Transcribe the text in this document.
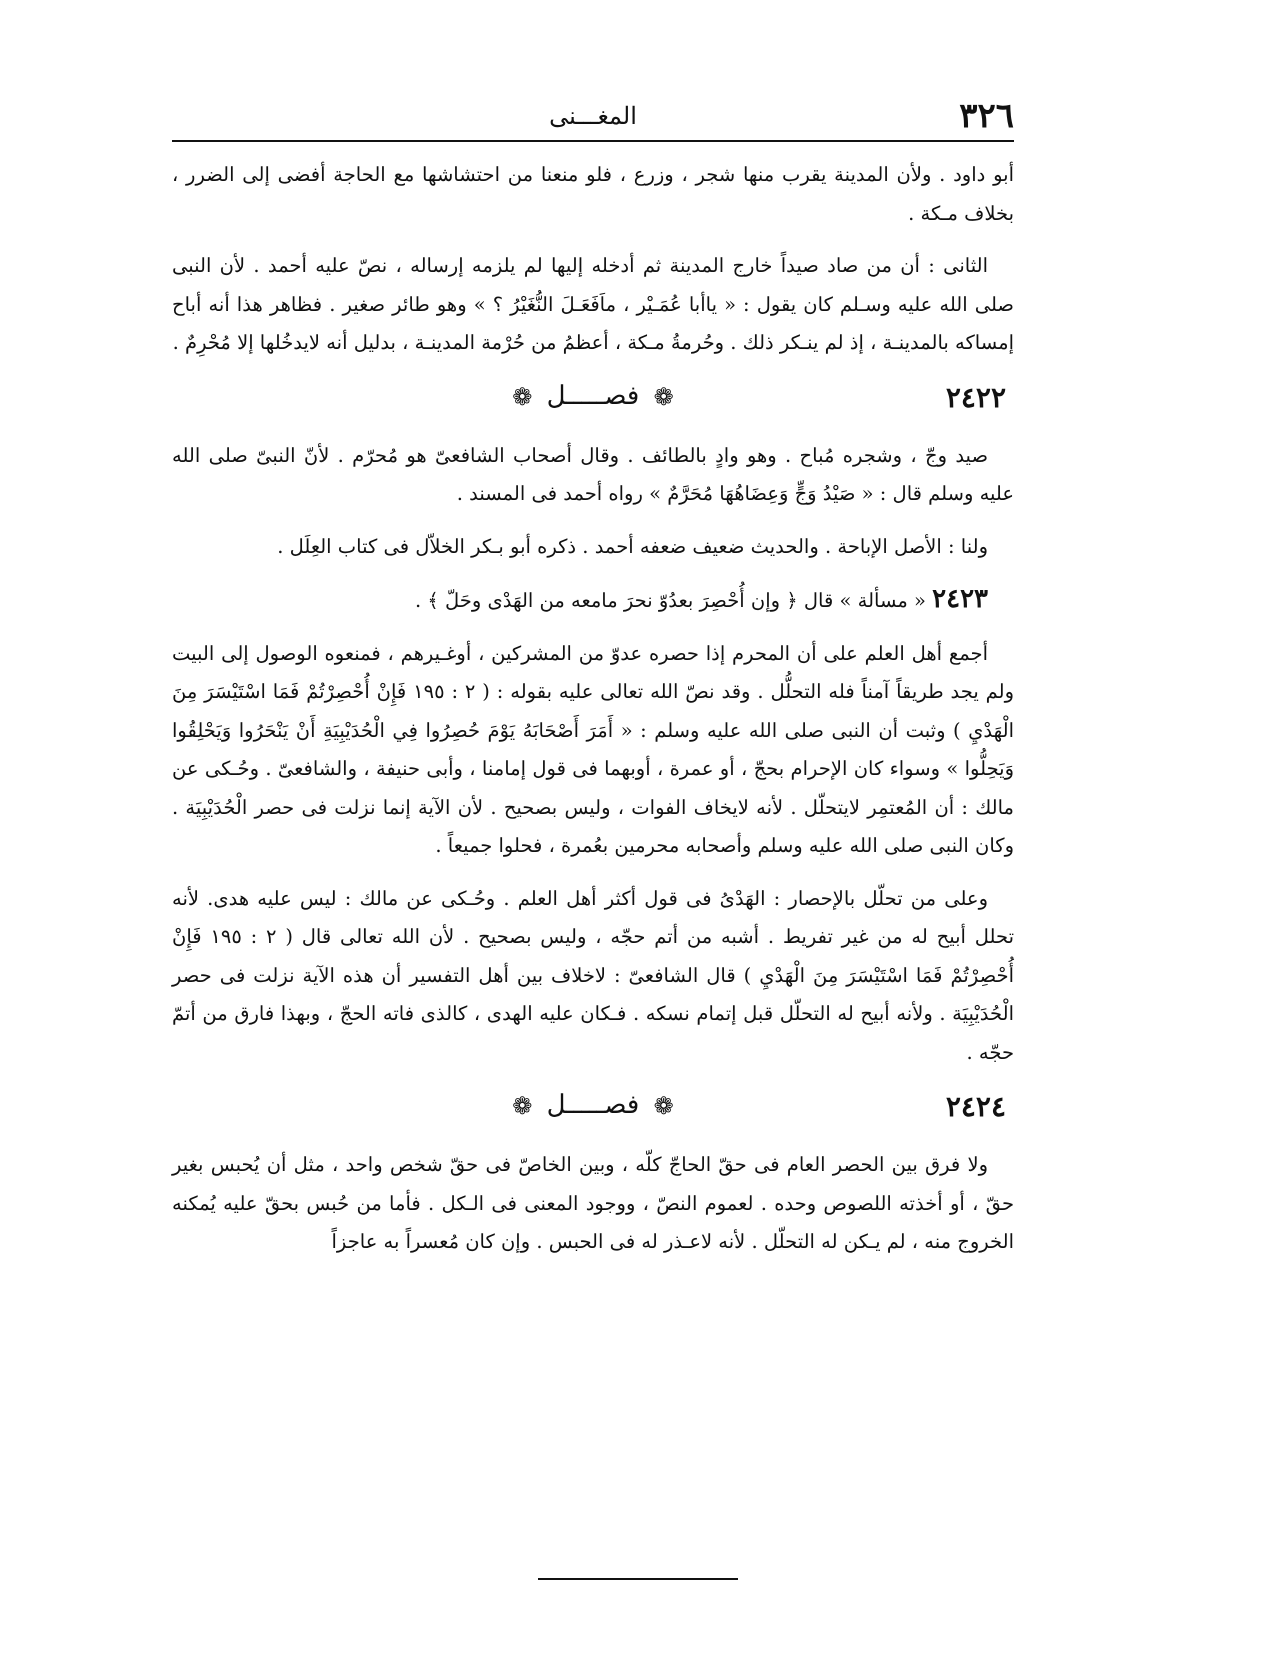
٣٢٦
المغـــنى

أبو داود . ولأن المدينة يقرب منها شجر ، وزرع ، فلو منعنا من احتشاشها مع الحاجة أفضى إلى الضرر ، بخلاف مـكة .

الثانى : أن من صاد صيداً خارج المدينة ثم أدخله إليها لم يلزمه إرساله ، نصّ عليه أحمد . لأن النبى صلى الله عليه وسـلم كان يقول : « ياأبا عُمَـيْر ، ماَفَعَـلَ النُّغَيْرُ ؟ » وهو طائر صغير . فظاهر هذا أنه أباح إمساكه بالمدينـة ، إذ لم ينـكر ذلك . وحُرمةُ مـكة ، أعظمُ من حُرْمة المدينـة ، بدليل أنه لايدخُلها إلا مُحْرِمٌ .

٢٤٢٢
❁ فصـــــل ❁

صيد وجّ ، وشجره مُباح . وهو وادٍ بالطائف . وقال أصحاب الشافعىّ هو مُحرّم . لأنّ النبىّ صلى الله عليه وسلم قال : « صَيْدُ وَجٍّ وَعِضَاهُهَا مُحَرَّمٌ » رواه أحمد فى المسند .

ولنا : الأصل الإباحة . والحديث ضعيف ضعفه أحمد . ذكره أبو بـكر الخلاّل فى كتاب العِلَل .

٢٤٢٣ « مسألة » قال ﴿ وإن أُحْصِرَ بعدُوّ نحرَ مامعه من الهَدْى وحَلّ ﴾ .

أجمع أهل العلم على أن المحرم إذا حصره عدوّ من المشركين ، أوغـيرهم ، فمنعوه الوصول إلى البيت ولم يجد طريقاً آمناً فله التحلُّل . وقد نصّ الله تعالى عليه بقوله : ( ٢ : ١٩٥ فَإِنْ أُحْصِرْتُمْ فَمَا اسْتَيْسَرَ مِنَ الْهَدْيِ ) وثبت أن النبى صلى الله عليه وسلم : « أَمَرَ أَصْحَابَهُ يَوْمَ حُصِرُوا فِي الْحُدَيْبِيَةِ أَنْ يَنْحَرُوا وَيَحْلِقُوا وَيَحِلُّوا » وسواء كان الإحرام بحجّ ، أو عمرة ، أوبهما فى قول إمامنا ، وأبى حنيفة ، والشافعىّ . وحُـكى عن مالك : أن المُعتمِر لايتحلّل . لأنه لايخاف الفوات ، وليس بصحيح . لأن الآية إنما نزلت فى حصر الْحُدَيْبِيَة . وكان النبى صلى الله عليه وسلم وأصحابه محرمين بعُمرة ، فحلوا جميعاً .

وعلى من تحلّل بالإحصار : الهَدْىُ فى قول أكثر أهل العلم . وحُـكى عن مالك : ليس عليه هدى. لأنه تحلل أبيح له من غير تفريط . أشبه من أتم حجّه ، وليس بصحيح . لأن الله تعالى قال ( ٢ : ١٩٥ فَإِنْ أُحْصِرْتُمْ فَمَا اسْتَيْسَرَ مِنَ الْهَدْيِ ) قال الشافعىّ : لاخلاف بين أهل التفسير أن هذه الآية نزلت فى حصر الْحُدَيْبِيَة . ولأنه أبيح له التحلّل قبل إتمام نسكه . فـكان عليه الهدى ، كالذى فاته الحجّ ، وبهذا فارق من أتمّ حجّه .

٢٤٢٤
❁ فصـــــل ❁

ولا فرق بين الحصر العام فى حقّ الحاجّ كلّه ، وبين الخاصّ فى حقّ شخص واحد ، مثل أن يُحبس بغير حقّ ، أو أخذته اللصوص وحده . لعموم النصّ ، ووجود المعنى فى الـكل . فأما من حُبس بحقّ عليه يُمكنه الخروج منه ، لم يـكن له التحلّل . لأنه لاعـذر له فى الحبس . وإن كان مُعسراً به عاجزاً
